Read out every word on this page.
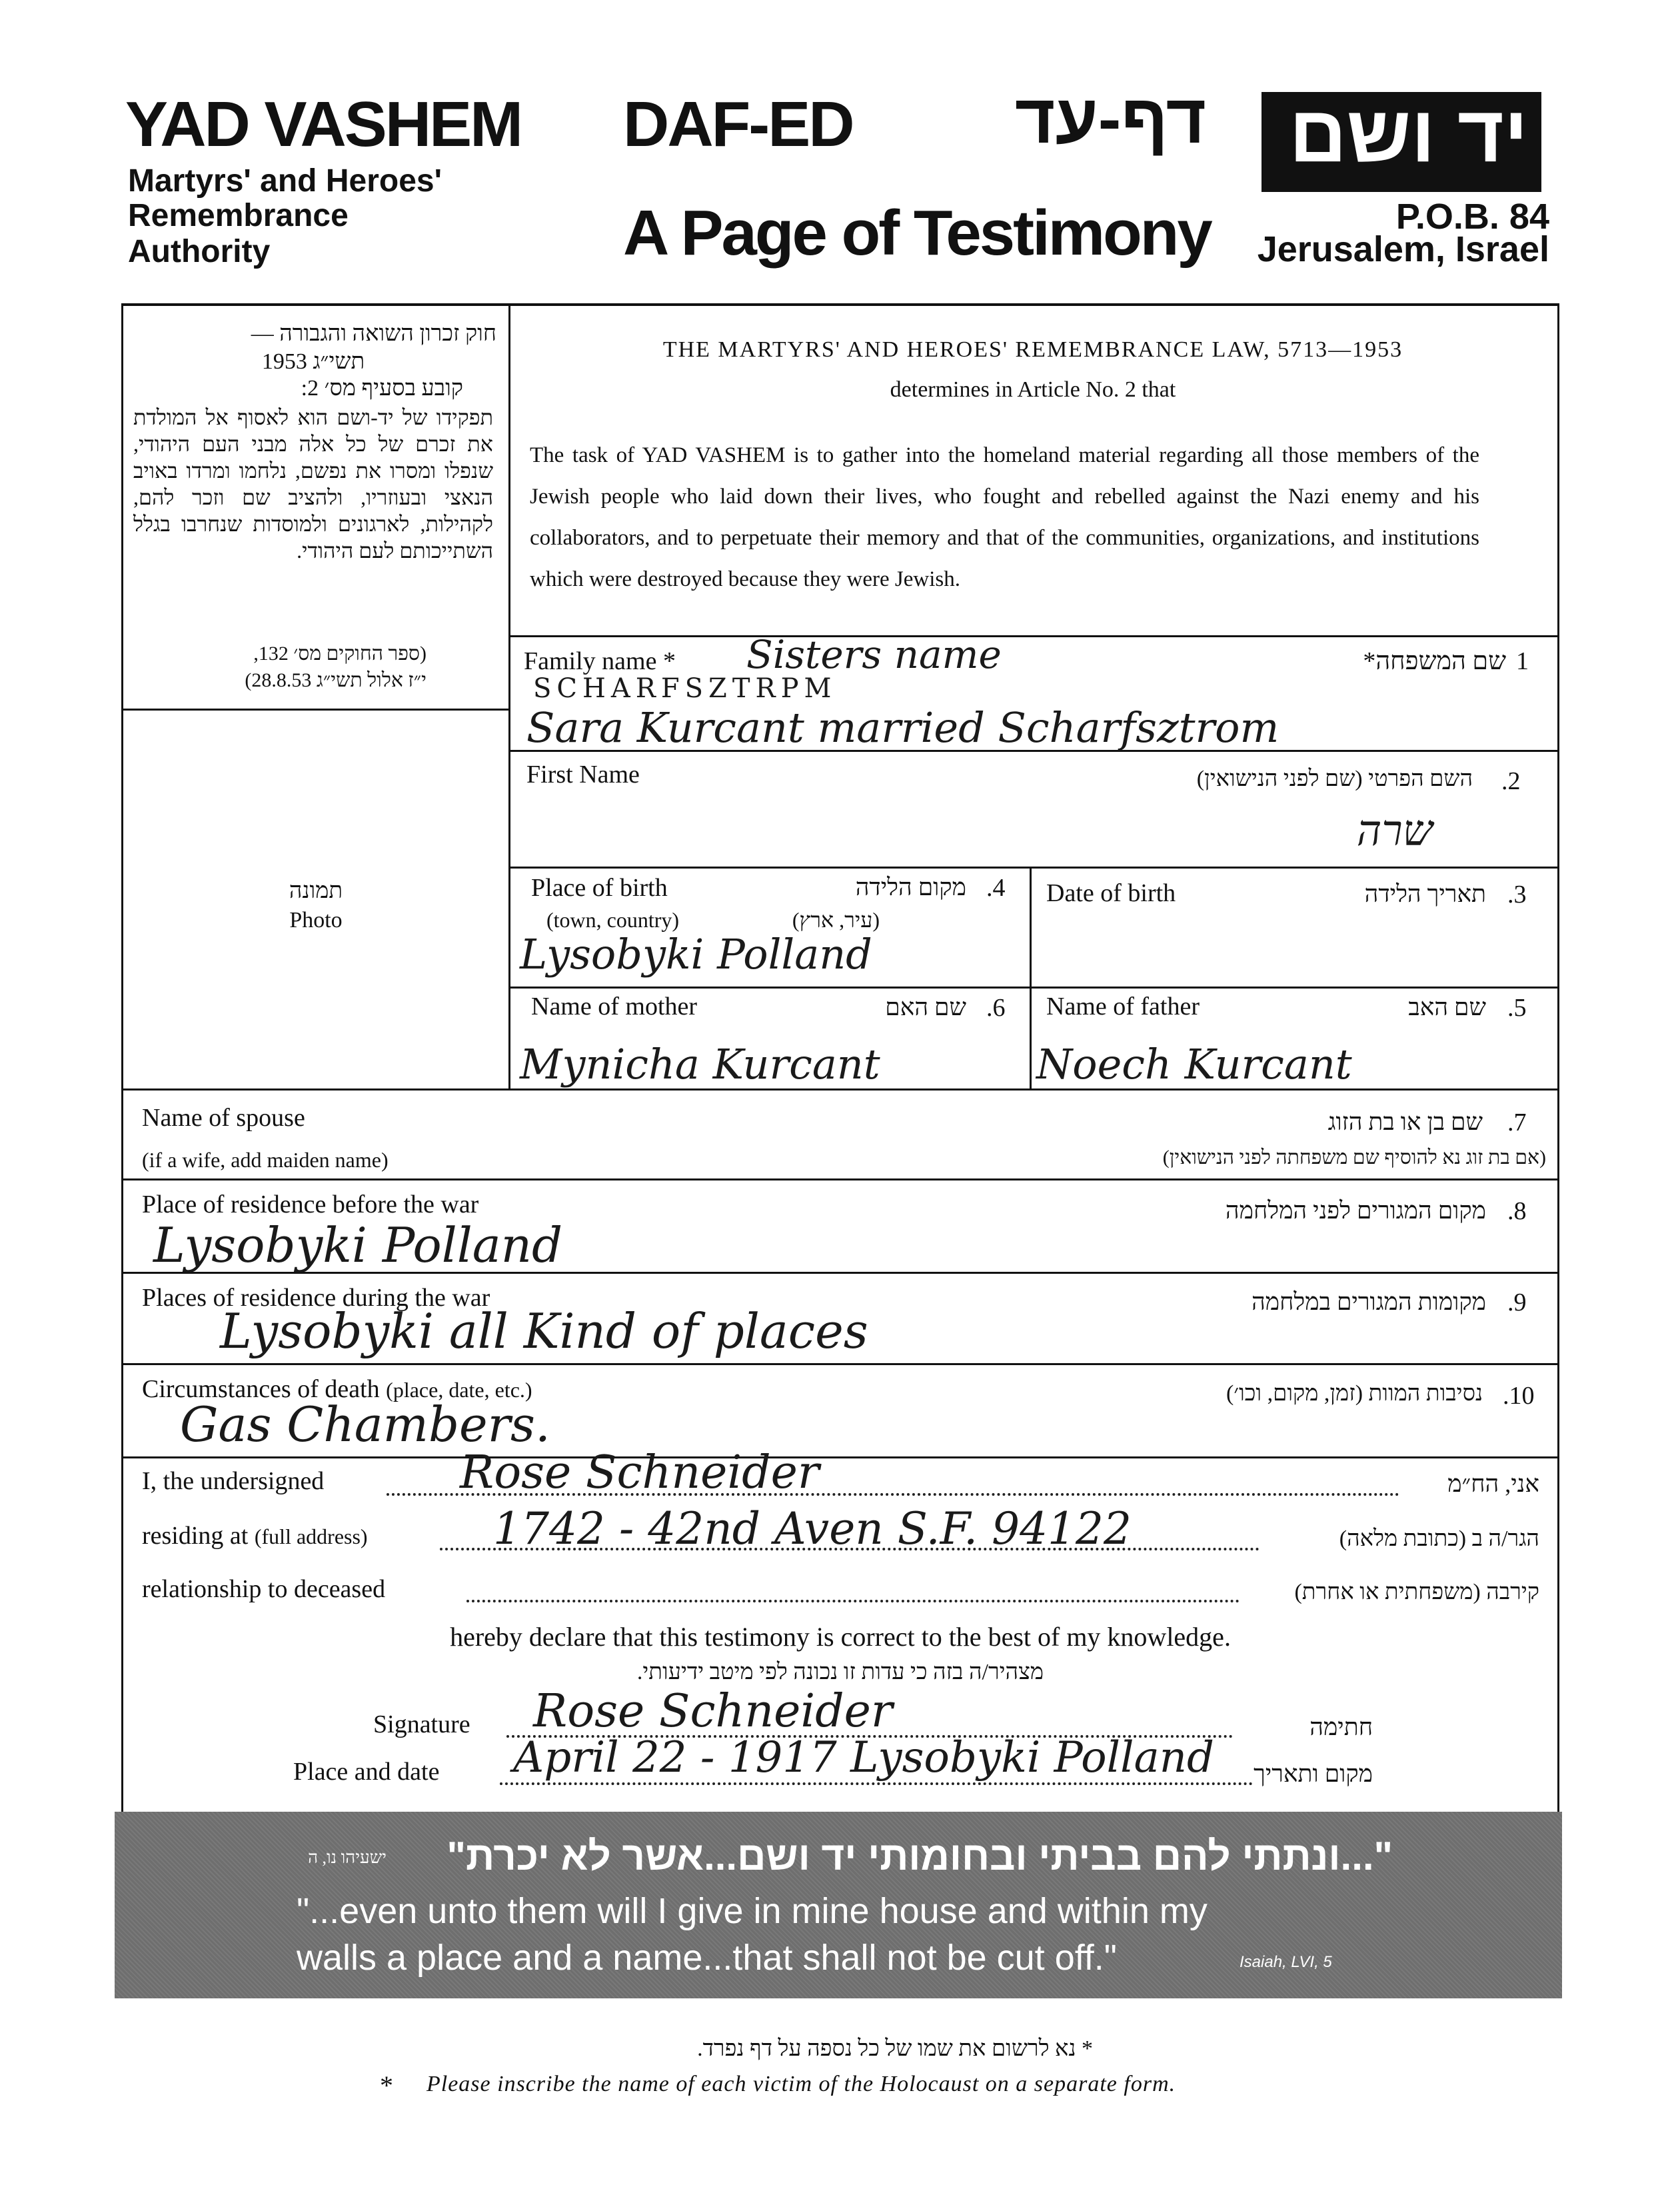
YAD VASHEM
Martyrs' and Heroes'
Remembrance
Authority
DAF-ED	דף-עד
A Page of Testimony
יד ושם
P.O.B. 84
Jerusalem, Israel
חוק זכרון השואה והגבורה —
תשי״ג 1953
קובע בסעיף מס׳ 2:
תפקידו של יד-ושם הוא לאסוף אל המולדת את זכרם של כל אלה מבני העם היהודי, שנפלו ומסרו את נפשם, נלחמו ומרדו באויב הנאצי ובעוזריו, ולהציב שם וזכר להם, לקהילות, לארגונים ולמוסדות שנחרבו בגלל השתייכותם לעם היהודי.
(ספר החוקים מס׳ 132,
י״ז אלול תשי״ג 28.8.53)
תמונה
Photo
THE MARTYRS' AND HEROES' REMEMBRANCE LAW, 5713—1953
determines in Article No. 2 that
The task of YAD VASHEM is to gather into the homeland material regarding all those members of the Jewish people who laid down their lives, who fought and rebelled against the Nazi enemy and his collaborators, and to perpetuate their memory and that of the communities, organizations, and institutions which were destroyed because they were Jewish.
Family name *	שם המשפחה* 1
Sisters name
SCHARFSZTRPM
Sara Kurcant married Scharfsztrom
First Name	השם הפרטי (שם לפני הנישואין) .2
שרה
Place of birth
(town, country)
מקום הלידה
(עיר, ארץ)
.4
Lysobyki Polland
Date of birth	תאריך הלידה .3
Name of mother	שם האם .6
Mynicha Kurcant
Name of father	שם האב .5
Noech Kurcant
Name of spouse
(if a wife, add maiden name)
שם בן או בת הזוג
(אם בת זוג נא להוסיף שם משפחתה לפני הנישואין)
.7
Place of residence before the war	מקום המגורים לפני המלחמה .8
Lysobyki Polland
Places of residence during the war	מקומות המגורים במלחמה .9
Lysobyki all Kind of places
Circumstances of death (place, date, etc.)	נסיבות המוות (זמן, מקום, וכו׳) .10
Gas Chambers.
I, the undersigned	Rose Schneider	אני, הח״מ
residing at (full address)	1742 - 42nd Aven S.F. 94122	הגר/ה ב (כתובת מלאה)
relationship to deceased	קירבה (משפחתית או אחרת)
hereby declare that this testimony is correct to the best of my knowledge.
מצהיר/ה בזה כי עדות זו נכונה לפי מיטב ידיעותי.
Signature Rose Schneider	חתימה
Place and date April 22 - 1917 Lysobyki Polland מקום ותאריך
"...ונתתי להם בביתי ובחומותי יד ושם...אשר לא יכרת"
ישעיהו נו, ה
"...even unto them will I give in mine house and within my
walls a place and a name...that shall not be cut off."	Isaiah, LVI, 5
* נא לרשום את שמו של כל נספה על דף נפרד.
* Please inscribe the name of each victim of the Holocaust on a separate form.
